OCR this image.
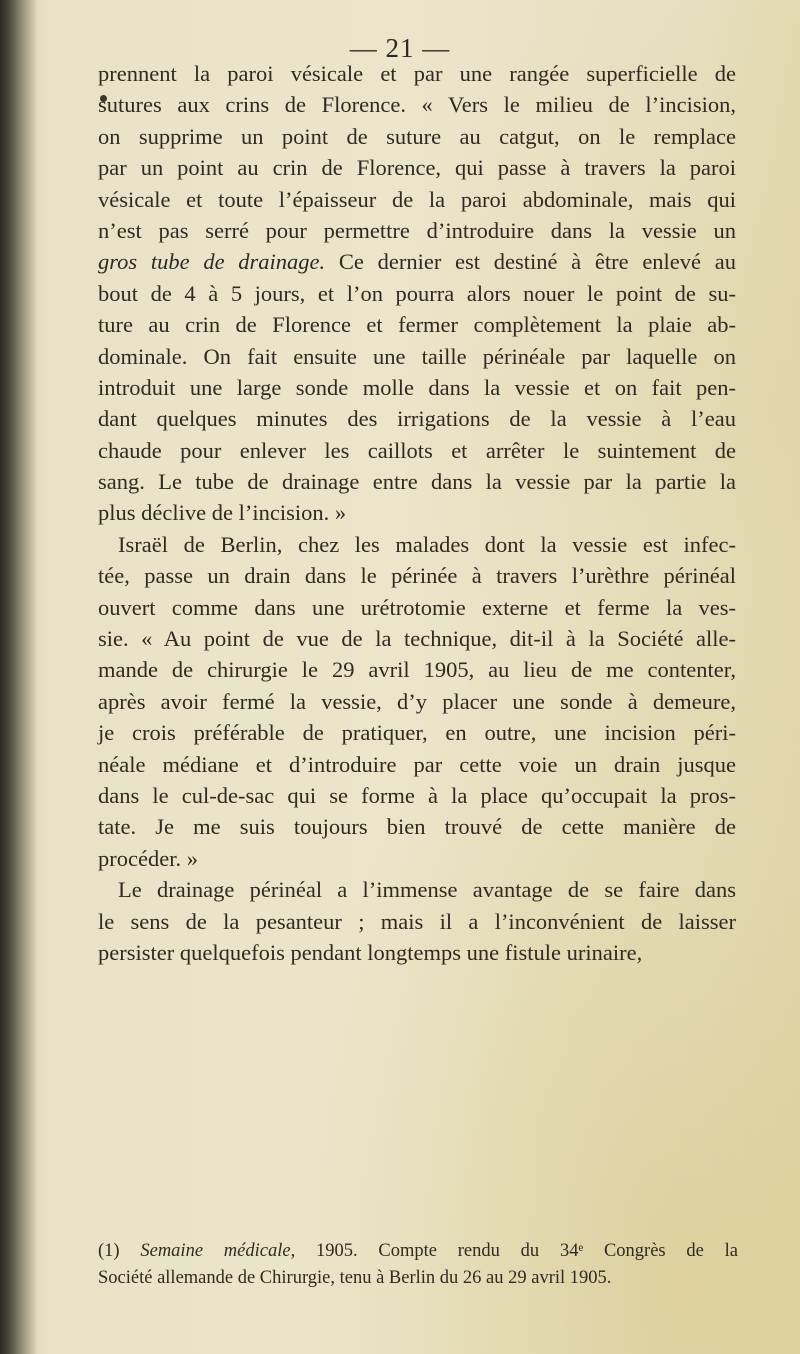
— 21 —

prennent la paroi vésicale et par une rangée superficielle de

sutures aux crins de Florence. « Vers le milieu de l’incision,

on supprime un point de suture au catgut, on le remplace

par un point au crin de Florence, qui passe à travers la paroi

vésicale et toute l’épaisseur de la paroi abdominale, mais qui

n’est pas serré pour permettre d’introduire dans la vessie un

gros tube de drainage. Ce dernier est destiné à être enlevé au

bout de 4 à 5 jours, et l’on pourra alors nouer le point de su-

ture au crin de Florence et fermer complètement la plaie ab-

dominale. On fait ensuite une taille périnéale par laquelle on

introduit une large sonde molle dans la vessie et on fait pen-

dant quelques minutes des irrigations de la vessie à l’eau

chaude pour enlever les caillots et arrêter le suintement de

sang. Le tube de drainage entre dans la vessie par la partie la

plus déclive de l’incision. »

Israël de Berlin, chez les malades dont la vessie est infec-

tée, passe un drain dans le périnée à travers l’urèthre périnéal

ouvert comme dans une urétrotomie externe et ferme la ves-

sie. « Au point de vue de la technique, dit-il à la Société alle-

mande de chirurgie le 29 avril 1905, au lieu de me contenter,

après avoir fermé la vessie, d’y placer une sonde à demeure,

je crois préférable de pratiquer, en outre, une incision péri-

néale médiane et d’introduire par cette voie un drain jusque

dans le cul-de-sac qui se forme à la place qu’occupait la pros-

tate. Je me suis toujours bien trouvé de cette manière de

procéder. »

Le drainage périnéal a l’immense avantage de se faire dans

le sens de la pesanteur ; mais il a l’inconvénient de laisser

persister quelquefois pendant longtemps une fistule urinaire,

(1) Semaine médicale, 1905. Compte rendu du 34ᵉ Congrès de la

Société allemande de Chirurgie, tenu à Berlin du 26 au 29 avril 1905.
